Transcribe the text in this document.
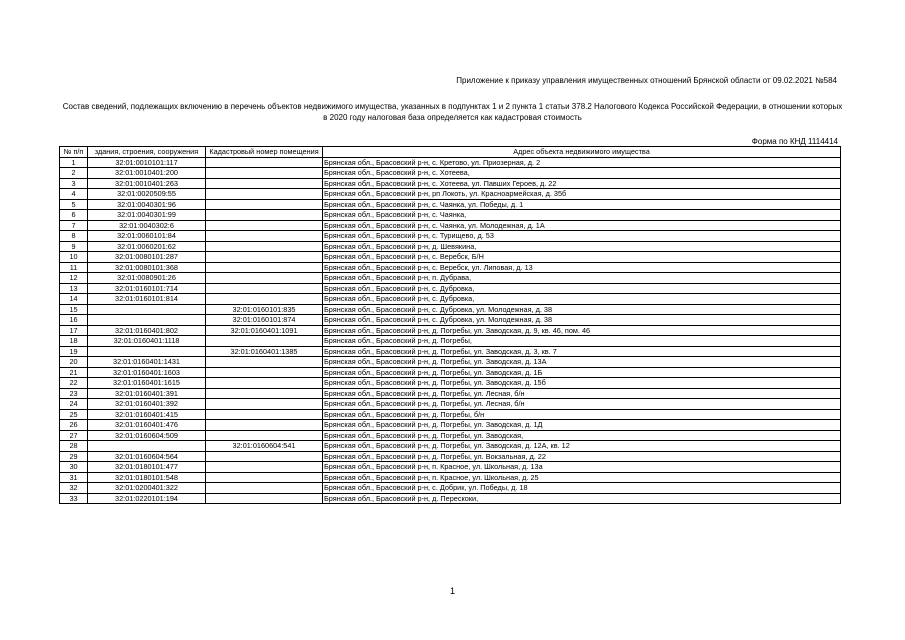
Приложение к приказу управления имущественных отношений Брянской области от 09.02.2021 №584
Состав сведений, подлежащих включению в перечень объектов недвижимого имущества, указанных в подпунктах 1 и 2 пункта 1 статьи 378.2 Налогового Кодекса Российской Федерации, в отношении которых в 2020 году налоговая база определяется как кадастровая стоимость
Форма по КНД 1114414
№ п/п	здания, строения, сооружения	Кадастровый номер помещения	Адрес объекта недвижимого имущества
1	32:01:0010101:117		Брянская обл., Брасовский р-н, с. Кретово, ул. Приозерная, д. 2
2	32:01:0010401:200		Брянская обл., Брасовский р-н, с. Хотеева,
3	32:01:0010401:263		Брянская обл., Брасовский р-н, с. Хотеева, ул. Павших Героев, д. 22
4	32:01:0020509:55		Брянская обл., Брасовский р-н, рп Локоть, ул. Красноармейская, д. 35б
5	32:01:0040301:96		Брянская обл., Брасовский р-н, с. Чаянка, ул. Победы, д. 1
6	32:01:0040301:99		Брянская обл., Брасовский р-н, с. Чаянка,
7	32:01:0040302:6		Брянская обл., Брасовский р-н, с. Чаянка, ул. Молодежная, д. 1А
8	32:01:0060101:84		Брянская обл., Брасовский р-н, с. Турищево, д. 53
9	32:01:0060201:62		Брянская обл., Брасовский р-н, д. Шевякина,
10	32:01:0080101:287		Брянская обл., Брасовский р-н, с. Веребск, Б/Н
11	32:01:0080101:368		Брянская обл., Брасовский р-н, с. Веребск, ул. Липовая, д. 13
12	32:01:0080901:26		Брянская обл., Брасовский р-н, п. Дубрава,
13	32:01:0160101:714		Брянская обл., Брасовский р-н, с. Дубровка,
14	32:01:0160101:814		Брянская обл., Брасовский р-н, с. Дубровка,
15		32:01:0160101:835	Брянская обл., Брасовский р-н, с. Дубровка, ул. Молодежная, д. 38
16		32:01:0160101:874	Брянская обл., Брасовский р-н, с. Дубровка, ул. Молодежная, д. 38
17	32:01:0160401:802	32:01:0160401:1091	Брянская обл., Брасовский р-н, д. Погребы, ул. Заводская, д. 9, кв. 46, пом. 46
18	32:01:0160401:1118		Брянская обл., Брасовский р-н, д. Погребы,
19		32:01:0160401:1385	Брянская обл., Брасовский р-н, д. Погребы, ул. Заводская, д. 3, кв. 7
20	32:01:0160401:1431		Брянская обл., Брасовский р-н, д. Погребы, ул. Заводская, д. 13А
21	32:01:0160401:1603		Брянская обл., Брасовский р-н, д. Погребы, ул. Заводская, д. 1Б
22	32:01:0160401:1615		Брянская обл., Брасовский р-н, д. Погребы, ул. Заводская, д. 15б
23	32:01:0160401:391		Брянская обл., Брасовский р-н, д. Погребы, ул. Лесная, б/н
24	32:01:0160401:392		Брянская обл., Брасовский р-н, д. Погребы, ул. Лесная, б/н
25	32:01:0160401:415		Брянская обл., Брасовский р-н, д. Погребы, б/н
26	32:01:0160401:476		Брянская обл., Брасовский р-н, д. Погребы, ул. Заводская, д. 1Д
27	32:01:0160604:509		Брянская обл., Брасовский р-н, д. Погребы, ул. Заводская,
28		32:01:0160604:541	Брянская обл., Брасовский р-н, д. Погребы, ул. Заводская, д. 12А, кв. 12
29	32:01:0160604:564		Брянская обл., Брасовский р-н, д. Погребы, ул. Вокзальная, д. 22
30	32:01:0180101:477		Брянская обл., Брасовский р-н, п. Красное, ул. Школьная, д. 13а
31	32:01:0180101:548		Брянская обл., Брасовский р-н, п. Красное, ул. Школьная, д. 25
32	32:01:0200401:322		Брянская обл., Брасовский р-н, с. Добрик, ул. Победы, д. 18
33	32:01:0220101:194		Брянская обл., Брасовский р-н, д. Перескоки,
1
